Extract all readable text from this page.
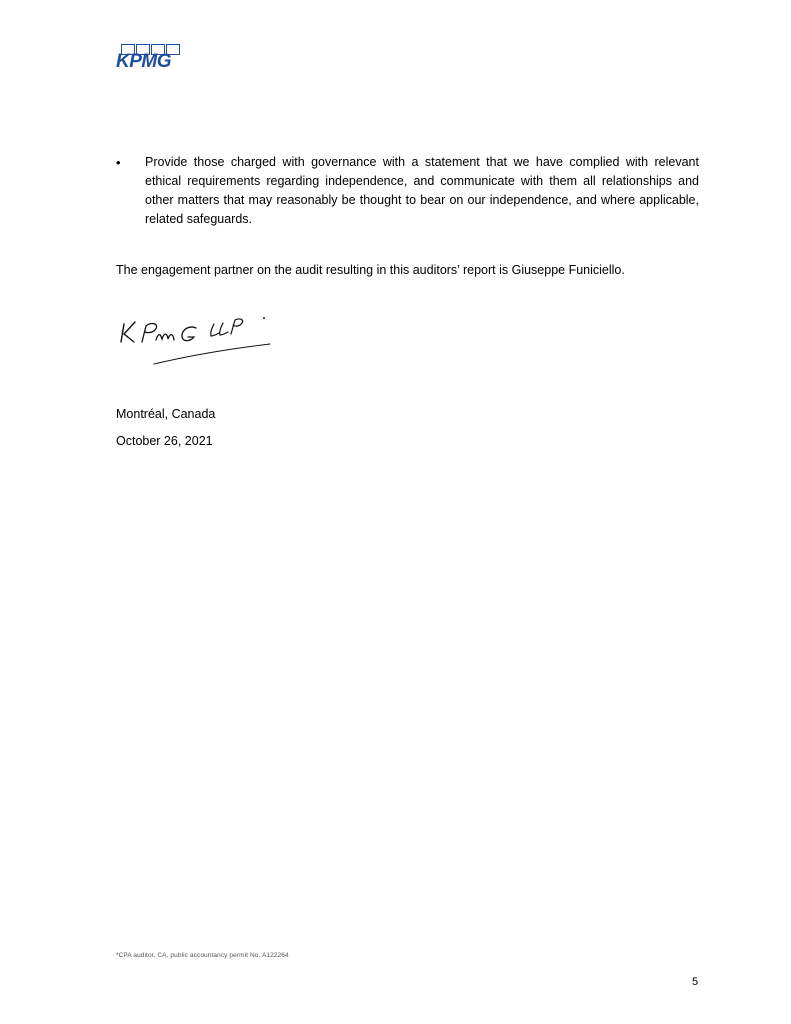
KPMG
• Provide those charged with governance with a statement that we have complied with relevant ethical requirements regarding independence, and communicate with them all relationships and other matters that may reasonably be thought to bear on our independence, and where applicable, related safeguards.
The engagement partner on the audit resulting in this auditors’ report is Giuseppe Funiciello.
Montréal, Canada
October 26, 2021
*CPA auditor, CA, public accountancy permit No. A122264
5
